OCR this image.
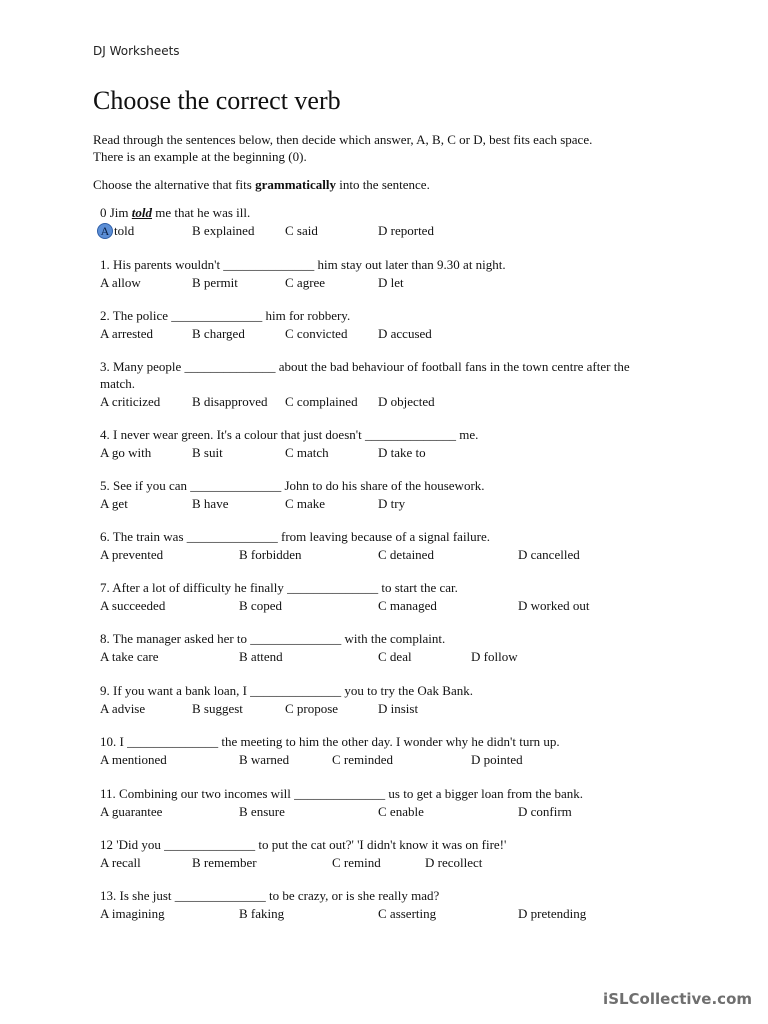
DJ Worksheets
Choose the correct verb
Read through the sentences below, then decide which answer, A, B, C or D, best fits each space.
There is an example at the beginning (0).
Choose the alternative that fits grammatically into the sentence.
0 Jim told me that he was ill.
A told	B explained C said	D reported
1. His parents wouldn't ______________ him stay out later than 9.30 at night.
A allow	B permit	C agree	D let
2. The police ______________ him for robbery.
A arrested	B charged	C convicted D accused
3. Many people ______________ about the bad behaviour of football fans in the town centre after the match.
A criticized B disapproved C complained D objected
4. I never wear green. It's a colour that just doesn't ______________ me.
A go with	B suit	C match	D take to
5. See if you can ______________ John to do his share of the housework.
A get	B have	C make	D try
6. The train was ______________ from leaving because of a signal failure.
A prevented	B forbidden	C detained	D cancelled
7. After a lot of difficulty he finally ______________ to start the car.
A succeeded	B coped	C managed	D worked out
8. The manager asked her to ______________ with the complaint.
A take care	B attend	C deal	D follow
9. If you want a bank loan, I ______________ you to try the Oak Bank.
A advise	B suggest	C propose	D insist
10. I ______________ the meeting to him the other day. I wonder why he didn't turn up.
A mentioned	B warned	C reminded	D pointed
11. Combining our two incomes will ______________ us to get a bigger loan from the bank.
A guarantee	B ensure	C enable	D confirm
12 'Did you ______________ to put the cat out?' 'I didn't know it was on fire!'
A recall	B remember	C remind	D recollect
13. Is she just ______________ to be crazy, or is she really mad?
A imagining	B faking	C asserting	D pretending
iSLCollective.com
